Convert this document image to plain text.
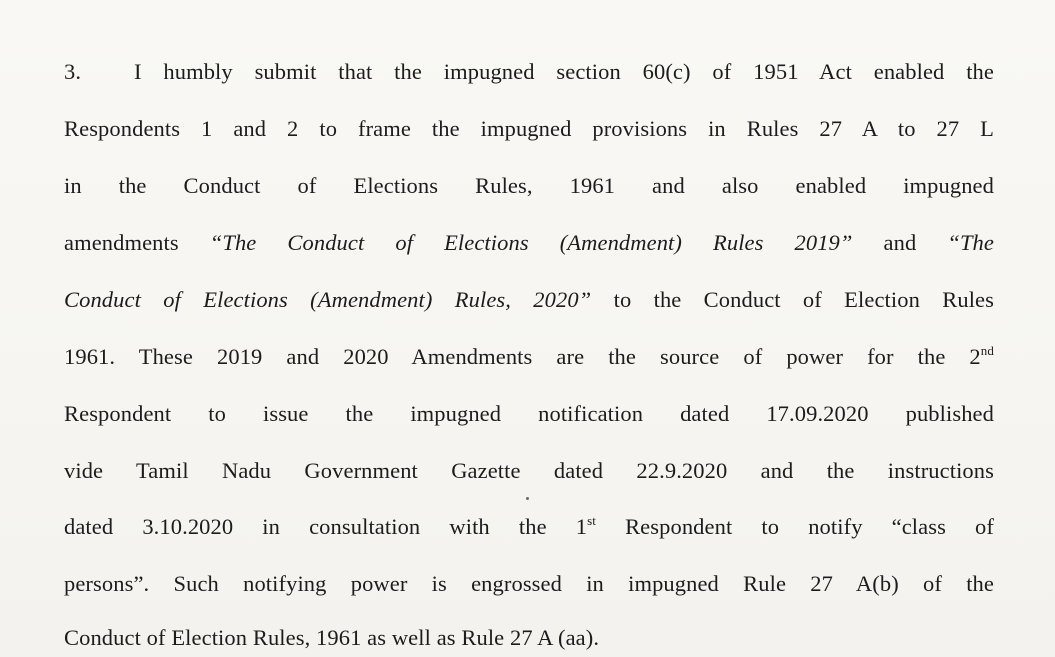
3. I humbly submit that the impugned section 60(c) of 1951 Act enabled the
Respondents 1 and 2 to frame the impugned provisions in Rules 27 A to 27 L
in the Conduct of Elections Rules, 1961 and also enabled impugned
amendments “The Conduct of Elections (Amendment) Rules 2019” and “The
Conduct of Elections (Amendment) Rules, 2020” to the Conduct of Election Rules
1961. These 2019 and 2020 Amendments are the source of power for the 2nd
Respondent to issue the impugned notification dated 17.09.2020 published
vide Tamil Nadu Government Gazette dated 22.9.2020 and the instructions
dated 3.10.2020 in consultation with the 1st Respondent to notify “class of
persons”. Such notifying power is engrossed in impugned Rule 27 A(b) of the
Conduct of Election Rules, 1961 as well as Rule 27 A (aa).
